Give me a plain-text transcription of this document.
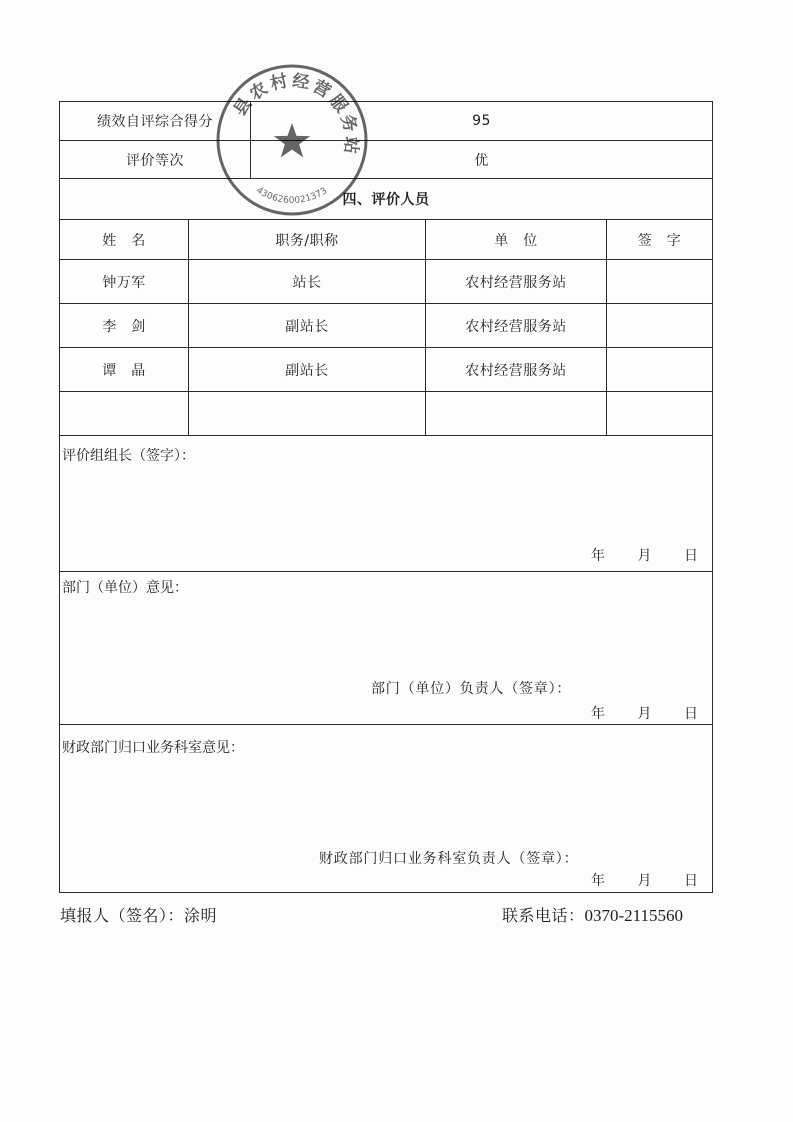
绩效自评综合得分		95		
评价等次		优		
四、评价人员				
姓　名	职务/职称		单　位	签　字
钟万军	站长		农村经营服务站	
李　剑	副站长		农村经营服务站	
谭　晶	副站长		农村经营服务站	

评价组组长（签字）：
年　　月　　日				

部门（单位）意见：
部门（单位）负责人（签章）：
年　　月　　日				

财政部门归口业务科室意见：
财政部门归口业务科室负责人（签章）：
年　　月　　日				
县农村经营服务站
4306260021373
填报人（签名）：涂明	联系电话：0370-2115560
